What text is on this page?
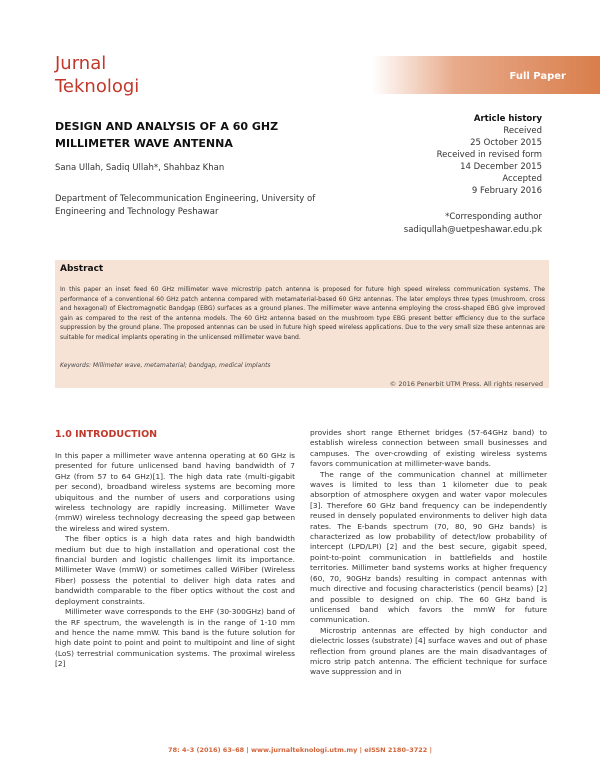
Jurnal
Teknologi	Full Paper
DESIGN AND ANALYSIS OF A 60 GHZ MILLIMETER WAVE ANTENNA
Sana Ullah, Sadiq Ullah*, Shahbaz Khan
Department of Telecommunication Engineering, University of Engineering and Technology Peshawar
Article history
Received
25 October 2015
Received in revised form
14 December 2015
Accepted
9 February 2016
*Corresponding author
sadiqullah@uetpeshawar.edu.pk
Abstract
In this paper an inset feed 60 GHz millimeter wave microstrip patch antenna is proposed for future high speed wireless communication systems. The performance of a conventional 60 GHz patch antenna compared with metamaterial-based 60 GHz antennas. The later employs three types (mushroom, cross and hexagonal) of Electromagnetic Bandgap (EBG) surfaces as a ground planes. The millimeter wave antenna employing the cross-shaped EBG give improved gain as compared to the rest of the antenna models. The 60 GHz antenna based on the mushroom type EBG present better efficiency due to the surface suppression by the ground plane. The proposed antennas can be used in future high speed wireless applications. Due to the very small size these antennas are suitable for medical implants operating in the unlicensed millimeter wave band.
Keywords: Millimeter wave, metamaterial; bandgap, medical implants
© 2016 Penerbit UTM Press. All rights reserved
1.0 INTRODUCTION

In this paper a millimeter wave antenna operating at 60 GHz is presented for future unlicensed band having bandwidth of 7 GHz (from 57 to 64 GHz)[1]. The high data rate (multi-gigabit per second), broadband wireless systems are becoming more ubiquitous and the number of users and corporations using wireless technology are rapidly increasing. Millimeter Wave (mmW) wireless technology decreasing the speed gap between the wireless and wired system.

The fiber optics is a high data rates and high bandwidth medium but due to high installation and operational cost the financial burden and logistic challenges limit its importance. Millimeter Wave (mmW) or sometimes called WiFiber (Wireless Fiber) possess the potential to deliver high data rates and bandwidth comparable to the fiber optics without the cost and deployment constraints.

Millimeter wave corresponds to the EHF (30-300GHz) band of the RF spectrum, the wavelength is in the range of 1-10 mm and hence the name mmW. This band is the future solution for high date point to point and point to multipoint and line of sight (LoS) terrestrial communication systems. The proximal wireless [2]

provides short range Ethernet bridges (57-64GHz band) to establish wireless connection between small businesses and campuses. The over-crowding of existing wireless systems favors communication at millimeter-wave bands.

The range of the communication channel at millimeter waves is limited to less than 1 kilometer due to peak absorption of atmosphere oxygen and water vapor molecules [3]. Therefore 60 GHz band frequency can be independently reused in densely populated environments to deliver high data rates. The E-bands spectrum (70, 80, 90 GHz bands) is characterized as low probability of detect/low probability of intercept (LPD/LPI) [2] and the best secure, gigabit speed, point-to-point communication in battlefields and hostile territories. Millimeter band systems works at higher frequency (60, 70, 90GHz bands) resulting in compact antennas with much directive and focusing characteristics (pencil beams) [2] and possible to designed on chip. The 60 GHz band is unlicensed band which favors the mmW for future communication.

Microstrip antennas are effected by high conductor and dielectric losses (substrate) [4] surface waves and out of phase reflection from ground planes are the main disadvantages of micro strip patch antenna. The efficient technique for surface wave suppression and in

78: 4–3 (2016) 63–68 | www.jurnalteknologi.utm.my | eISSN 2180–3722 |
